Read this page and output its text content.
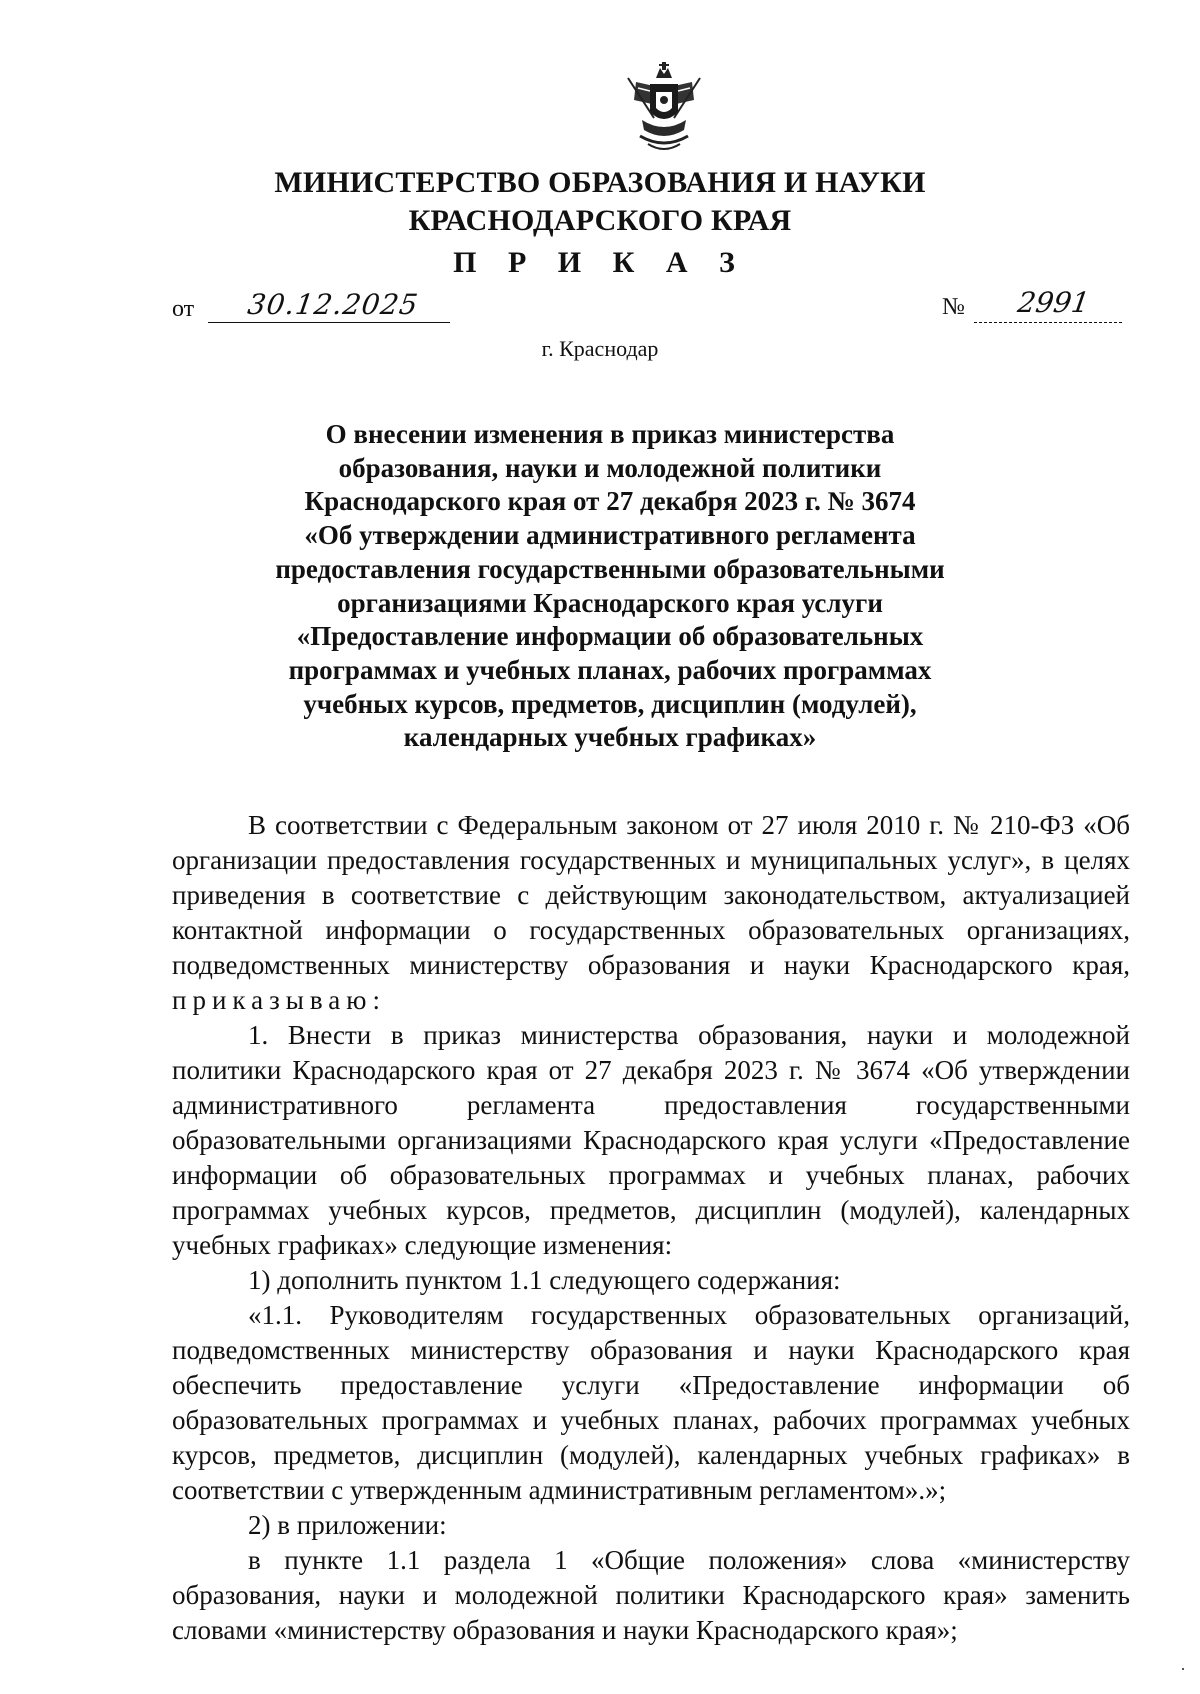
МИНИСТЕРСТВО ОБРАЗОВАНИЯ И НАУКИ
КРАСНОДАРСКОГО КРАЯ
П Р И К А З
от 30.12.2025	№ 2991
г. Краснодар
О внесении изменения в приказ министерства
образования, науки и молодежной политики
Краснодарского края от 27 декабря 2023 г. № 3674
«Об утверждении административного регламента
предоставления государственными образовательными
организациями Краснодарского края услуги
«Предоставление информации об образовательных
программах и учебных планах, рабочих программах
учебных курсов, предметов, дисциплин (модулей),
календарных учебных графиках»

В соответствии с Федеральным законом от 27 июля 2010 г. № 210-ФЗ «Об организации предоставления государственных и муниципальных услуг», в целях приведения в соответствие с действующим законодательством, актуализацией контактной информации о государственных образовательных организациях, подведомственных министерству образования и науки Краснодарского края, приказываю:

1. Внести в приказ министерства образования, науки и молодежной политики Краснодарского края от 27 декабря 2023 г. № 3674 «Об утверждении административного регламента предоставления государственными образовательными организациями Краснодарского края услуги «Предоставление информации об образовательных программах и учебных планах, рабочих программах учебных курсов, предметов, дисциплин (модулей), календарных учебных графиках» следующие изменения:

1) дополнить пунктом 1.1 следующего содержания:

«1.1. Руководителям государственных образовательных организаций, подведомственных министерству образования и науки Краснодарского края обеспечить предоставление услуги «Предоставление информации об образовательных программах и учебных планах, рабочих программах учебных курсов, предметов, дисциплин (модулей), календарных учебных графиках» в соответствии с утвержденным административным регламентом».»;

2) в приложении:

в пункте 1.1 раздела 1 «Общие положения» слова «министерству образования, науки и молодежной политики Краснодарского края» заменить словами «министерству образования и науки Краснодарского края»;
